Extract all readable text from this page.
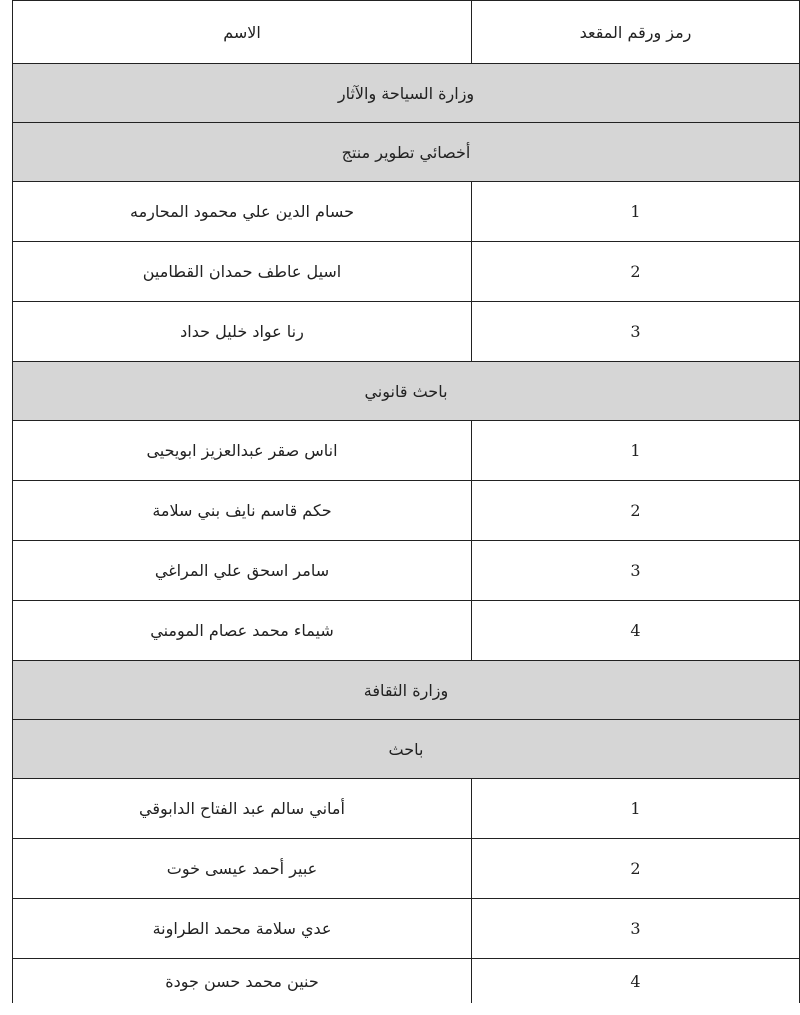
رمز ورقم المقعد	الاسم
وزارة السياحة والآثار	
أخصائي تطوير منتج	
1	حسام الدين علي محمود المحارمه
2	اسيل عاطف حمدان القطامين
3	رنا عواد خليل حداد
باحث قانوني	
1	اناس صقر عبدالعزيز ابويحيى
2	حكم قاسم نايف بني سلامة
3	سامر اسحق علي المراغي
4	شيماء محمد عصام المومني
وزارة الثقافة	
باحث	
1	أماني سالم عبد الفتاح الدابوقي
2	عبير أحمد عيسى خوت
3	عدي سلامة محمد الطراونة
4	حنين محمد حسن جودة
